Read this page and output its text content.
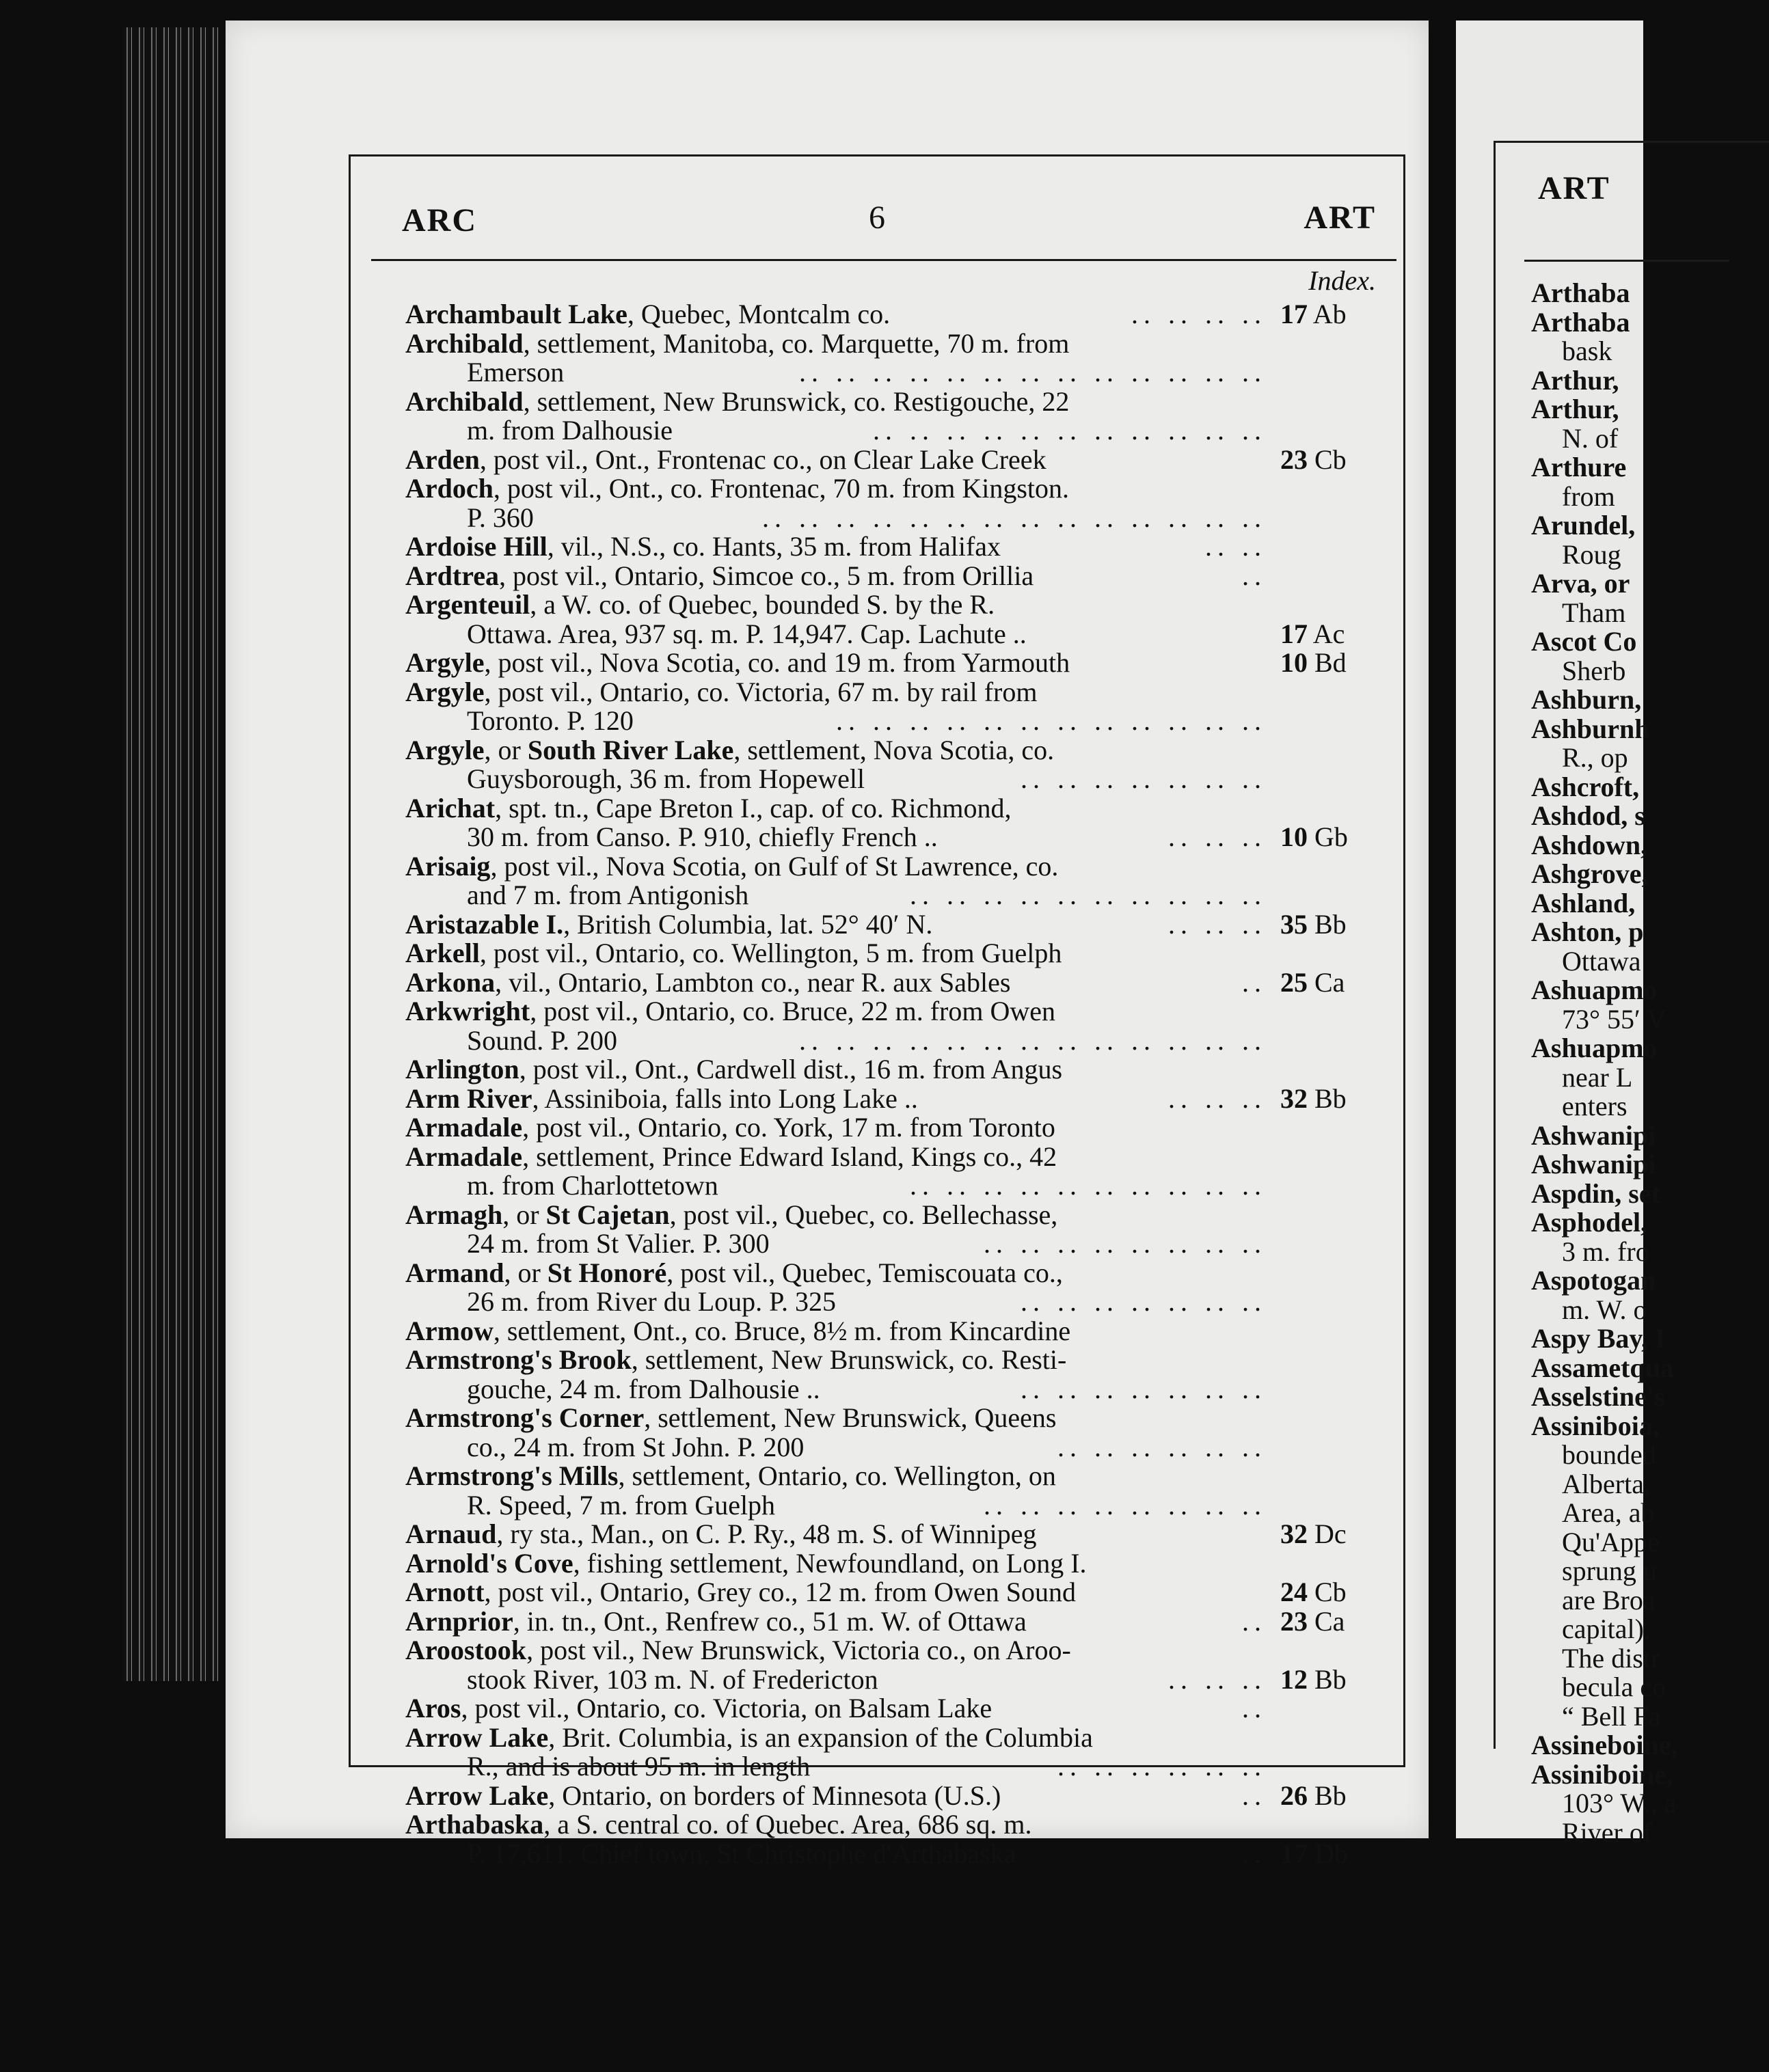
ARC	6	ART
Index.
Archambault Lake, Quebec, Montcalm co.	.. .. .. .. 17 Ab
Archibald, settlement, Manitoba, co. Marquette, 70 m. from
Emerson	.. .. .. .. .. .. .. .. .. .. .. .. ..
Archibald, settlement, New Brunswick, co. Restigouche, 22
m. from Dalhousie	.. .. .. .. .. .. .. .. .. .. ..
Arden, post vil., Ont., Frontenac co., on Clear Lake Creek	23 Cb
Ardoch, post vil., Ont., co. Frontenac, 70 m. from Kingston.
P. 360	.. .. .. .. .. .. .. .. .. .. .. .. .. ..
Ardoise Hill, vil., N.S., co. Hants, 35 m. from Halifax	.. ..
Ardtrea, post vil., Ontario, Simcoe co., 5 m. from Orillia	..
Argenteuil, a W. co. of Quebec, bounded S. by the R.
Ottawa. Area, 937 sq. m. P. 14,947. Cap. Lachute ..	17 Ac
Argyle, post vil., Nova Scotia, co. and 19 m. from Yarmouth	10 Bd
Argyle, post vil., Ontario, co. Victoria, 67 m. by rail from
Toronto. P. 120	.. .. .. .. .. .. .. .. .. .. .. ..
Argyle, or South River Lake, settlement, Nova Scotia, co.
Guysborough, 36 m. from Hopewell	.. .. .. .. .. .. ..
Arichat, spt. tn., Cape Breton I., cap. of co. Richmond,
30 m. from Canso. P. 910, chiefly French ..	.. .. .. 10 Gb
Arisaig, post vil., Nova Scotia, on Gulf of St Lawrence, co.
and 7 m. from Antigonish	.. .. .. .. .. .. .. .. .. ..
Aristazable I., British Columbia, lat. 52° 40′ N.	.. .. .. 35 Bb
Arkell, post vil., Ontario, co. Wellington, 5 m. from Guelph
Arkona, vil., Ontario, Lambton co., near R. aux Sables	.. 25 Ca
Arkwright, post vil., Ontario, co. Bruce, 22 m. from Owen
Sound. P. 200	.. .. .. .. .. .. .. .. .. .. .. .. ..
Arlington, post vil., Ont., Cardwell dist., 16 m. from Angus
Arm River, Assiniboia, falls into Long Lake ..	.. .. .. 32 Bb
Armadale, post vil., Ontario, co. York, 17 m. from Toronto
Armadale, settlement, Prince Edward Island, Kings co., 42
m. from Charlottetown	.. .. .. .. .. .. .. .. .. ..
Armagh, or St Cajetan, post vil., Quebec, co. Bellechasse,
24 m. from St Valier. P. 300	.. .. .. .. .. .. .. ..
Armand, or St Honoré, post vil., Quebec, Temiscouata co.,
26 m. from River du Loup. P. 325	.. .. .. .. .. .. ..
Armow, settlement, Ont., co. Bruce, 8½ m. from Kincardine
Armstrong's Brook, settlement, New Brunswick, co. Resti-
gouche, 24 m. from Dalhousie ..	.. .. .. .. .. .. ..
Armstrong's Corner, settlement, New Brunswick, Queens
co., 24 m. from St John. P. 200	.. .. .. .. .. ..
Armstrong's Mills, settlement, Ontario, co. Wellington, on
R. Speed, 7 m. from Guelph	.. .. .. .. .. .. .. ..
Arnaud, ry sta., Man., on C. P. Ry., 48 m. S. of Winnipeg	32 Dc
Arnold's Cove, fishing settlement, Newfoundland, on Long I.
Arnott, post vil., Ontario, Grey co., 12 m. from Owen Sound	24 Cb
Arnprior, in. tn., Ont., Renfrew co., 51 m. W. of Ottawa	.. 23 Ca
Aroostook, post vil., New Brunswick, Victoria co., on Aroo-
stook River, 103 m. N. of Fredericton	.. .. .. 12 Bb
Aros, post vil., Ontario, co. Victoria, on Balsam Lake	..
Arrow Lake, Brit. Columbia, is an expansion of the Columbia
R., and is about 95 m. in length	.. .. .. .. .. ..
Arrow Lake, Ontario, on borders of Minnesota (U.S.)	.. 26 Bb
Arthabaska, a S. central co. of Quebec. Area, 686 sq. m.
P. 17,611. Chief town, St Christophe d'Arthabaska	.. 17 Db
ART
Arthaba
Arthaba
bask
Arthur,
Arthur,
N. of
Arthure
from
Arundel,
Roug
Arva, or
Tham
Ascot Co
Sherb
Ashburn,
Ashburnh
R., op
Ashcroft,
Ashdod, s
Ashdown,
Ashgrove,
Ashland,
Ashton, p
Ottawa
Ashuapmo
73° 55′ V
Ashuapmo
near L
enters
Ashwanipi
Ashwanipi
Aspdin, set
Asphodel,
3 m. fro
Aspotogan
m. W. o
Aspy Bay, I
Assametqua
Asselstine's
Assiniboia,
bounded
Alberta,
Area, ab
Qu'Appe
sprung u
are Broa
capital),
The distr
becula co
“ Bell Fa
Assineboine,
Assiniboine,
103° W., a
River of
